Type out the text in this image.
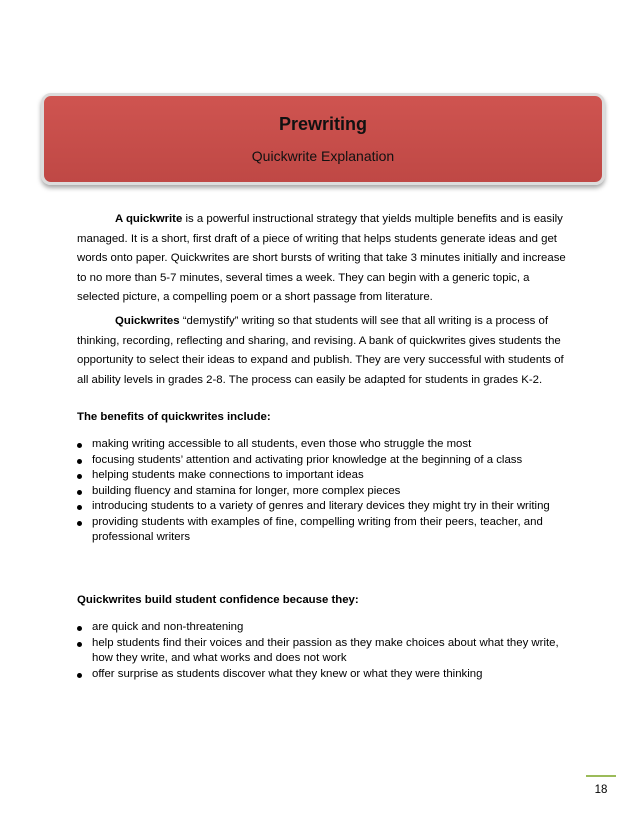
Prewriting
Quickwrite Explanation

A quickwrite is a powerful instructional strategy that yields multiple benefits and is easily managed. It is a short, first draft of a piece of writing that helps students generate ideas and get words onto paper. Quickwrites are short bursts of writing that take 3 minutes initially and increase to no more than 5-7 minutes, several times a week. They can begin with a generic topic, a selected picture, a compelling poem or a short passage from literature.

Quickwrites “demystify” writing so that students will see that all writing is a process of thinking, recording, reflecting and sharing, and revising. A bank of quickwrites gives students the opportunity to select their ideas to expand and publish. They are very successful with students of all ability levels in grades 2-8. The process can easily be adapted for students in grades K-2.

The benefits of quickwrites include:
making writing accessible to all students, even those who struggle the most
focusing students’ attention and activating prior knowledge at the beginning of a class
helping students make connections to important ideas
building fluency and stamina for longer, more complex pieces
introducing students to a variety of genres and literary devices they might try in their writing
providing students with examples of fine, compelling writing from their peers, teacher, and professional writers
Quickwrites build student confidence because they:
are quick and non-threatening
help students find their voices and their passion as they make choices about what they write, how they write, and what works and does not work
offer surprise as students discover what they knew or what they were thinking
18
